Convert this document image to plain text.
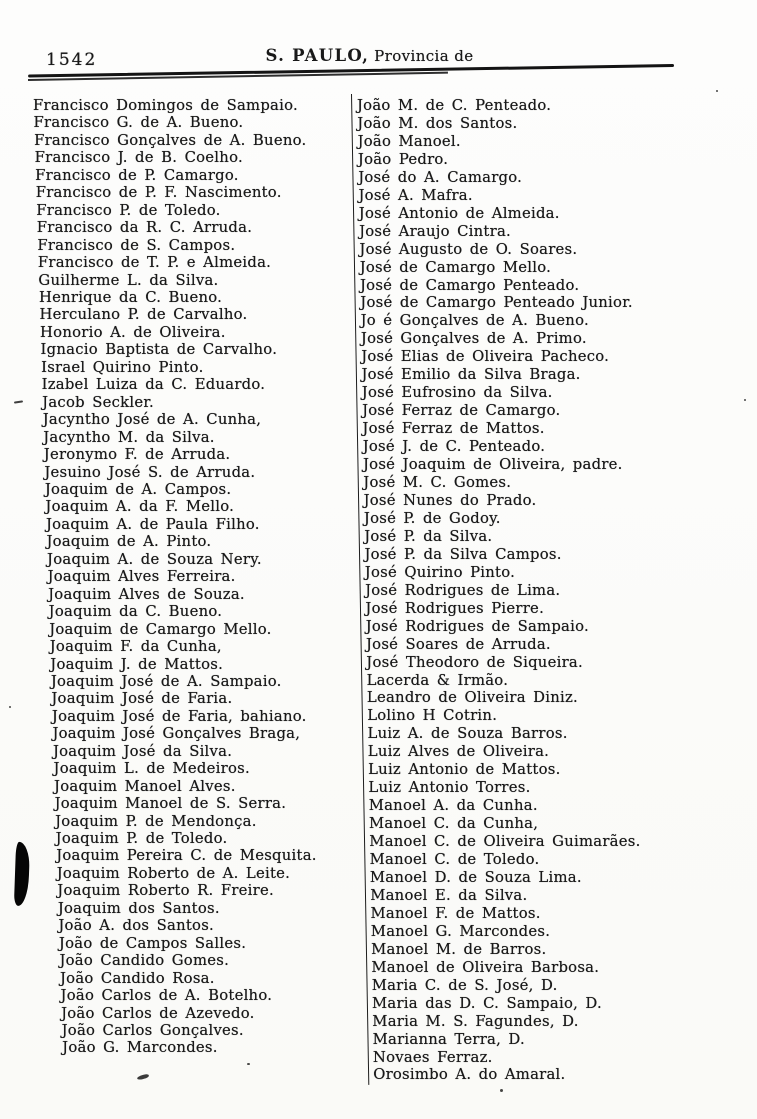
1542	S. PAULO, Provincia de
Francisco Domingos de Sampaio.
Francisco G. de A. Bueno.
Francisco Gonçalves de A. Bueno.
Francisco J. de B. Coelho.
Francisco de P. Camargo.
Francisco de P. F. Nascimento.
Francisco P. de Toledo.
Francisco da R. C. Arruda.
Francisco de S. Campos.
Francisco de T. P. e Almeida.
Guilherme L. da Silva.
Henrique da C. Bueno.
Herculano P. de Carvalho.
Honorio A. de Oliveira.
Ignacio Baptista de Carvalho.
Israel Quirino Pinto.
Izabel Luiza da C. Eduardo.
Jacob Seckler.
Jacyntho José de A. Cunha,
Jacyntho M. da Silva.
Jeronymo F. de Arruda.
Jesuino José S. de Arruda.
Joaquim de A. Campos.
Joaquim A. da F. Mello.
Joaquim A. de Paula Filho.
Joaquim de A. Pinto.
Joaquim A. de Souza Nery.
Joaquim Alves Ferreira.
Joaquim Alves de Souza.
Joaquim da C. Bueno.
Joaquim de Camargo Mello.
Joaquim F. da Cunha,
Joaquim J. de Mattos.
Joaquim José de A. Sampaio.
Joaquim José de Faria.
Joaquim José de Faria, bahiano.
Joaquim José Gonçalves Braga,
Joaquim José da Silva.
Joaquim L. de Medeiros.
Joaquim Manoel Alves.
Joaquim Manoel de S. Serra.
Joaquim P. de Mendonça.
Joaquim P. de Toledo.
Joaquim Pereira C. de Mesquita.
Joaquim Roberto de A. Leite.
Joaquim Roberto R. Freire.
Joaquim dos Santos.
João A. dos Santos.
João de Campos Salles.
João Candido Gomes.
João Candido Rosa.
João Carlos de A. Botelho.
João Carlos de Azevedo.
João Carlos Gonçalves.
João G. Marcondes.
João M. de C. Penteado.
João M. dos Santos.
João Manoel.
João Pedro.
José do A. Camargo.
José A. Mafra.
José Antonio de Almeida.
José Araujo Cintra.
José Augusto de O. Soares.
José de Camargo Mello.
José de Camargo Penteado.
José de Camargo Penteado Junior.
Jo é Gonçalves de A. Bueno.
José Gonçalves de A. Primo.
José Elias de Oliveira Pacheco.
José Emilio da Silva Braga.
José Eufrosino da Silva.
José Ferraz de Camargo.
José Ferraz de Mattos.
José J. de C. Penteado.
José Joaquim de Oliveira, padre.
José M. C. Gomes.
José Nunes do Prado.
José P. de Godoy.
José P. da Silva.
José P. da Silva Campos.
José Quirino Pinto.
José Rodrigues de Lima.
José Rodrigues Pierre.
José Rodrigues de Sampaio.
José Soares de Arruda.
José Theodoro de Siqueira.
Lacerda & Irmão.
Leandro de Oliveira Diniz.
Lolino H Cotrin.
Luiz A. de Souza Barros.
Luiz Alves de Oliveira.
Luiz Antonio de Mattos.
Luiz Antonio Torres.
Manoel A. da Cunha.
Manoel C. da Cunha,
Manoel C. de Oliveira Guimarães.
Manoel C. de Toledo.
Manoel D. de Souza Lima.
Manoel E. da Silva.
Manoel F. de Mattos.
Manoel G. Marcondes.
Manoel M. de Barros.
Manoel de Oliveira Barbosa.
Maria C. de S. José, D.
Maria das D. C. Sampaio, D.
Maria M. S. Fagundes, D.
Marianna Terra, D.
Novaes Ferraz.
Orosimbo A. do Amaral.
